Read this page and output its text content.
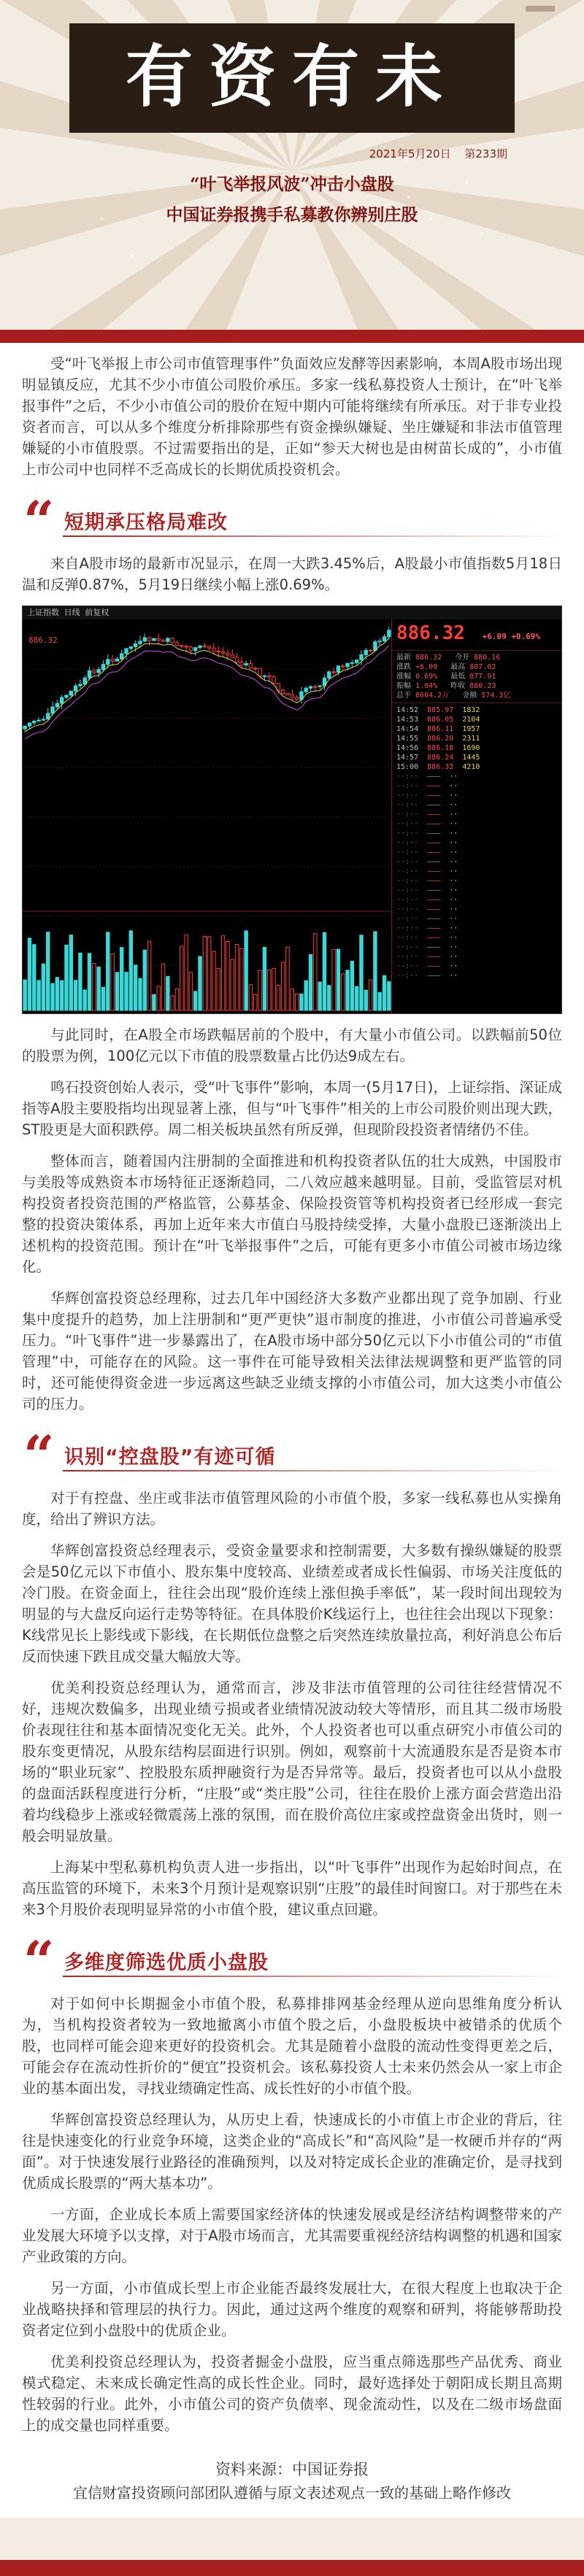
有资有未
2021年5月20日 第233期
“叶飞举报风波”冲击小盘股
中国证券报携手私募教你辨别庄股

受“叶飞举报上市公司市值管理事件”负面效应发酵等因素影响，本周A股市场出现明显镇反应，尤其不少小市值公司股价承压。多家一线私募投资人士预计，在“叶飞举报事件”之后，不少小市值公司的股价在短中期内可能将继续有所承压。对于非专业投资者而言，可以从多个维度分析排除那些有资金操纵嫌疑、坐庄嫌疑和非法市值管理嫌疑的小市值股票。不过需要指出的是，正如“参天大树也是由树苗长成的”，小市值上市公司中也同样不乏高成长的长期优质投资机会。

“ 短期承压格局难改

来自A股市场的最新市况显示，在周一大跌3.45%后，A股最小市值指数5月18日温和反弹0.87%，5月19日继续小幅上涨0.69%。

上证指数 日线 前复权
886.32	886.32 +6.09 +0.69%
最新 886.32 今开 880.16
涨跌 +6.09 最高 887.02
涨幅 0.69% 最低 877.91
振幅 1.04% 昨收 880.23
总手 8604.2万 金额 574.3亿
14:52 885.97 1832
14:53 886.05 2104
14:54 886.11 1957
14:55 886.20 2311
14:56 886.18 1690
14:57 886.24 1445
15:00 886.32 4210
··:·· ——— ··
··:·· ——— ··
··:·· ——— ··
··:·· ——— ··
··:·· ——— ··
··:·· ——— ··
··:·· ——— ··
··:·· ——— ··
··:·· ——— ··
··:·· ——— ··
··:·· ——— ··
··:·· ——— ··
··:·· ——— ··
··:·· ——— ··
··:·· ——— ··
··:·· ——— ··
··:·· ——— ··
··:·· ——— ··
··:·· ——— ··
··:·· ——— ··
··:·· ——— ··
··:·· ——— ··

与此同时，在A股全市场跌幅居前的个股中，有大量小市值公司。以跌幅前50位的股票为例，100亿元以下市值的股票数量占比仍达9成左右。

鸣石投资创始人表示，受“叶飞事件”影响，本周一(5月17日)，上证综指、深证成指等A股主要股指均出现显著上涨，但与“叶飞事件”相关的上市公司股价则出现大跌，ST股更是大面积跌停。周二相关板块虽然有所反弹，但现阶段投资者情绪仍不佳。

整体而言，随着国内注册制的全面推进和机构投资者队伍的壮大成熟，中国股市与美股等成熟资本市场特征正逐渐趋同，二八效应越来越明显。目前，受监管层对机构投资者投资范围的严格监管，公募基金、保险投资管等机构投资者已经形成一套完整的投资决策体系，再加上近年来大市值白马股持续受捧，大量小盘股已逐渐淡出上述机构的投资范围。预计在“叶飞举报事件”之后，可能有更多小市值公司被市场边缘化。

华辉创富投资总经理称，过去几年中国经济大多数产业都出现了竞争加剧、行业集中度提升的趋势，加上注册制和“更严更快”退市制度的推进，小市值公司普遍承受压力。“叶飞事件”进一步暴露出了，在A股市场中部分50亿元以下小市值公司的“市值管理”中，可能存在的风险。这一事件在可能导致相关法律法规调整和更严监管的同时，还可能使得资金进一步远离这些缺乏业绩支撑的小市值公司，加大这类小市值公司的压力。

“ 识别“控盘股”有迹可循

对于有控盘、坐庄或非法市值管理风险的小市值个股，多家一线私募也从实操角度，给出了辨识方法。

华辉创富投资总经理表示，受资金量要求和控制需要，大多数有操纵嫌疑的股票会是50亿元以下市值小、股东集中度较高、业绩差或者成长性偏弱、市场关注度低的冷门股。在资金面上，往往会出现“股价连续上涨但换手率低”，某一段时间出现较为明显的与大盘反向运行走势等特征。在具体股价K线运行上，也往往会出现以下现象：K线常见长上影线或下影线，在长期低位盘整之后突然连续放量拉高，利好消息公布后反而快速下跌且成交量大幅放大等。

优美利投资总经理认为，通常而言，涉及非法市值管理的公司往往经营情况不好，违规次数偏多，出现业绩亏损或者业绩情况波动较大等情形，而且其二级市场股价表现往往和基本面情况变化无关。此外，个人投资者也可以重点研究小市值公司的股东变更情况，从股东结构层面进行识别。例如，观察前十大流通股东是否是资本市场的“职业玩家”、控股股东质押融资行为是否异常等。最后，投资者也可以从小盘股的盘面活跃程度进行分析，“庄股”或“类庄股”公司，往往在股价上涨方面会营造出沿着均线稳步上涨或轻微震荡上涨的氛围，而在股价高位庄家或控盘资金出货时，则一般会明显放量。

上海某中型私募机构负责人进一步指出，以“叶飞事件”出现作为起始时间点，在高压监管的环境下，未来3个月预计是观察识别“庄股”的最佳时间窗口。对于那些在未来3个月股价表现明显异常的小市值个股，建议重点回避。

“ 多维度筛选优质小盘股

对于如何中长期掘金小市值个股，私募排排网基金经理从逆向思维角度分析认为，当机构投资者较为一致地撤离小市值个股之后，小盘股板块中被错杀的优质个股，也同样可能会迎来更好的投资机会。尤其是随着小盘股的流动性变得更差之后，可能会存在流动性折价的“便宜”投资机会。该私募投资人士未来仍然会从一家上市企业的基本面出发，寻找业绩确定性高、成长性好的小市值个股。

华辉创富投资总经理认为，从历史上看，快速成长的小市值上市企业的背后，往往是快速变化的行业竞争环境，这类企业的“高成长”和“高风险”是一枚硬币并存的“两面”。对于快速发展行业路径的准确预判，以及对特定成长企业的准确定价，是寻找到优质成长股票的“两大基本功”。

一方面，企业成长本质上需要国家经济体的快速发展或是经济结构调整带来的产业发展大环境予以支撑，对于A股市场而言，尤其需要重视经济结构调整的机遇和国家产业政策的方向。

另一方面，小市值成长型上市企业能否最终发展壮大，在很大程度上也取决于企业战略抉择和管理层的执行力。因此，通过这两个维度的观察和研判，将能够帮助投资者定位到小盘股中的优质企业。

优美利投资总经理认为，投资者掘金小盘股，应当重点筛选那些产品优秀、商业模式稳定、未来成长确定性高的成长性企业。同时，最好选择处于朝阳成长期且高期性较弱的行业。此外，小市值公司的资产负债率、现金流动性，以及在二级市场盘面上的成交量也同样重要。

资料来源：中国证券报
宜信财富投资顾问部团队遵循与原文表述观点一致的基础上略作修改
